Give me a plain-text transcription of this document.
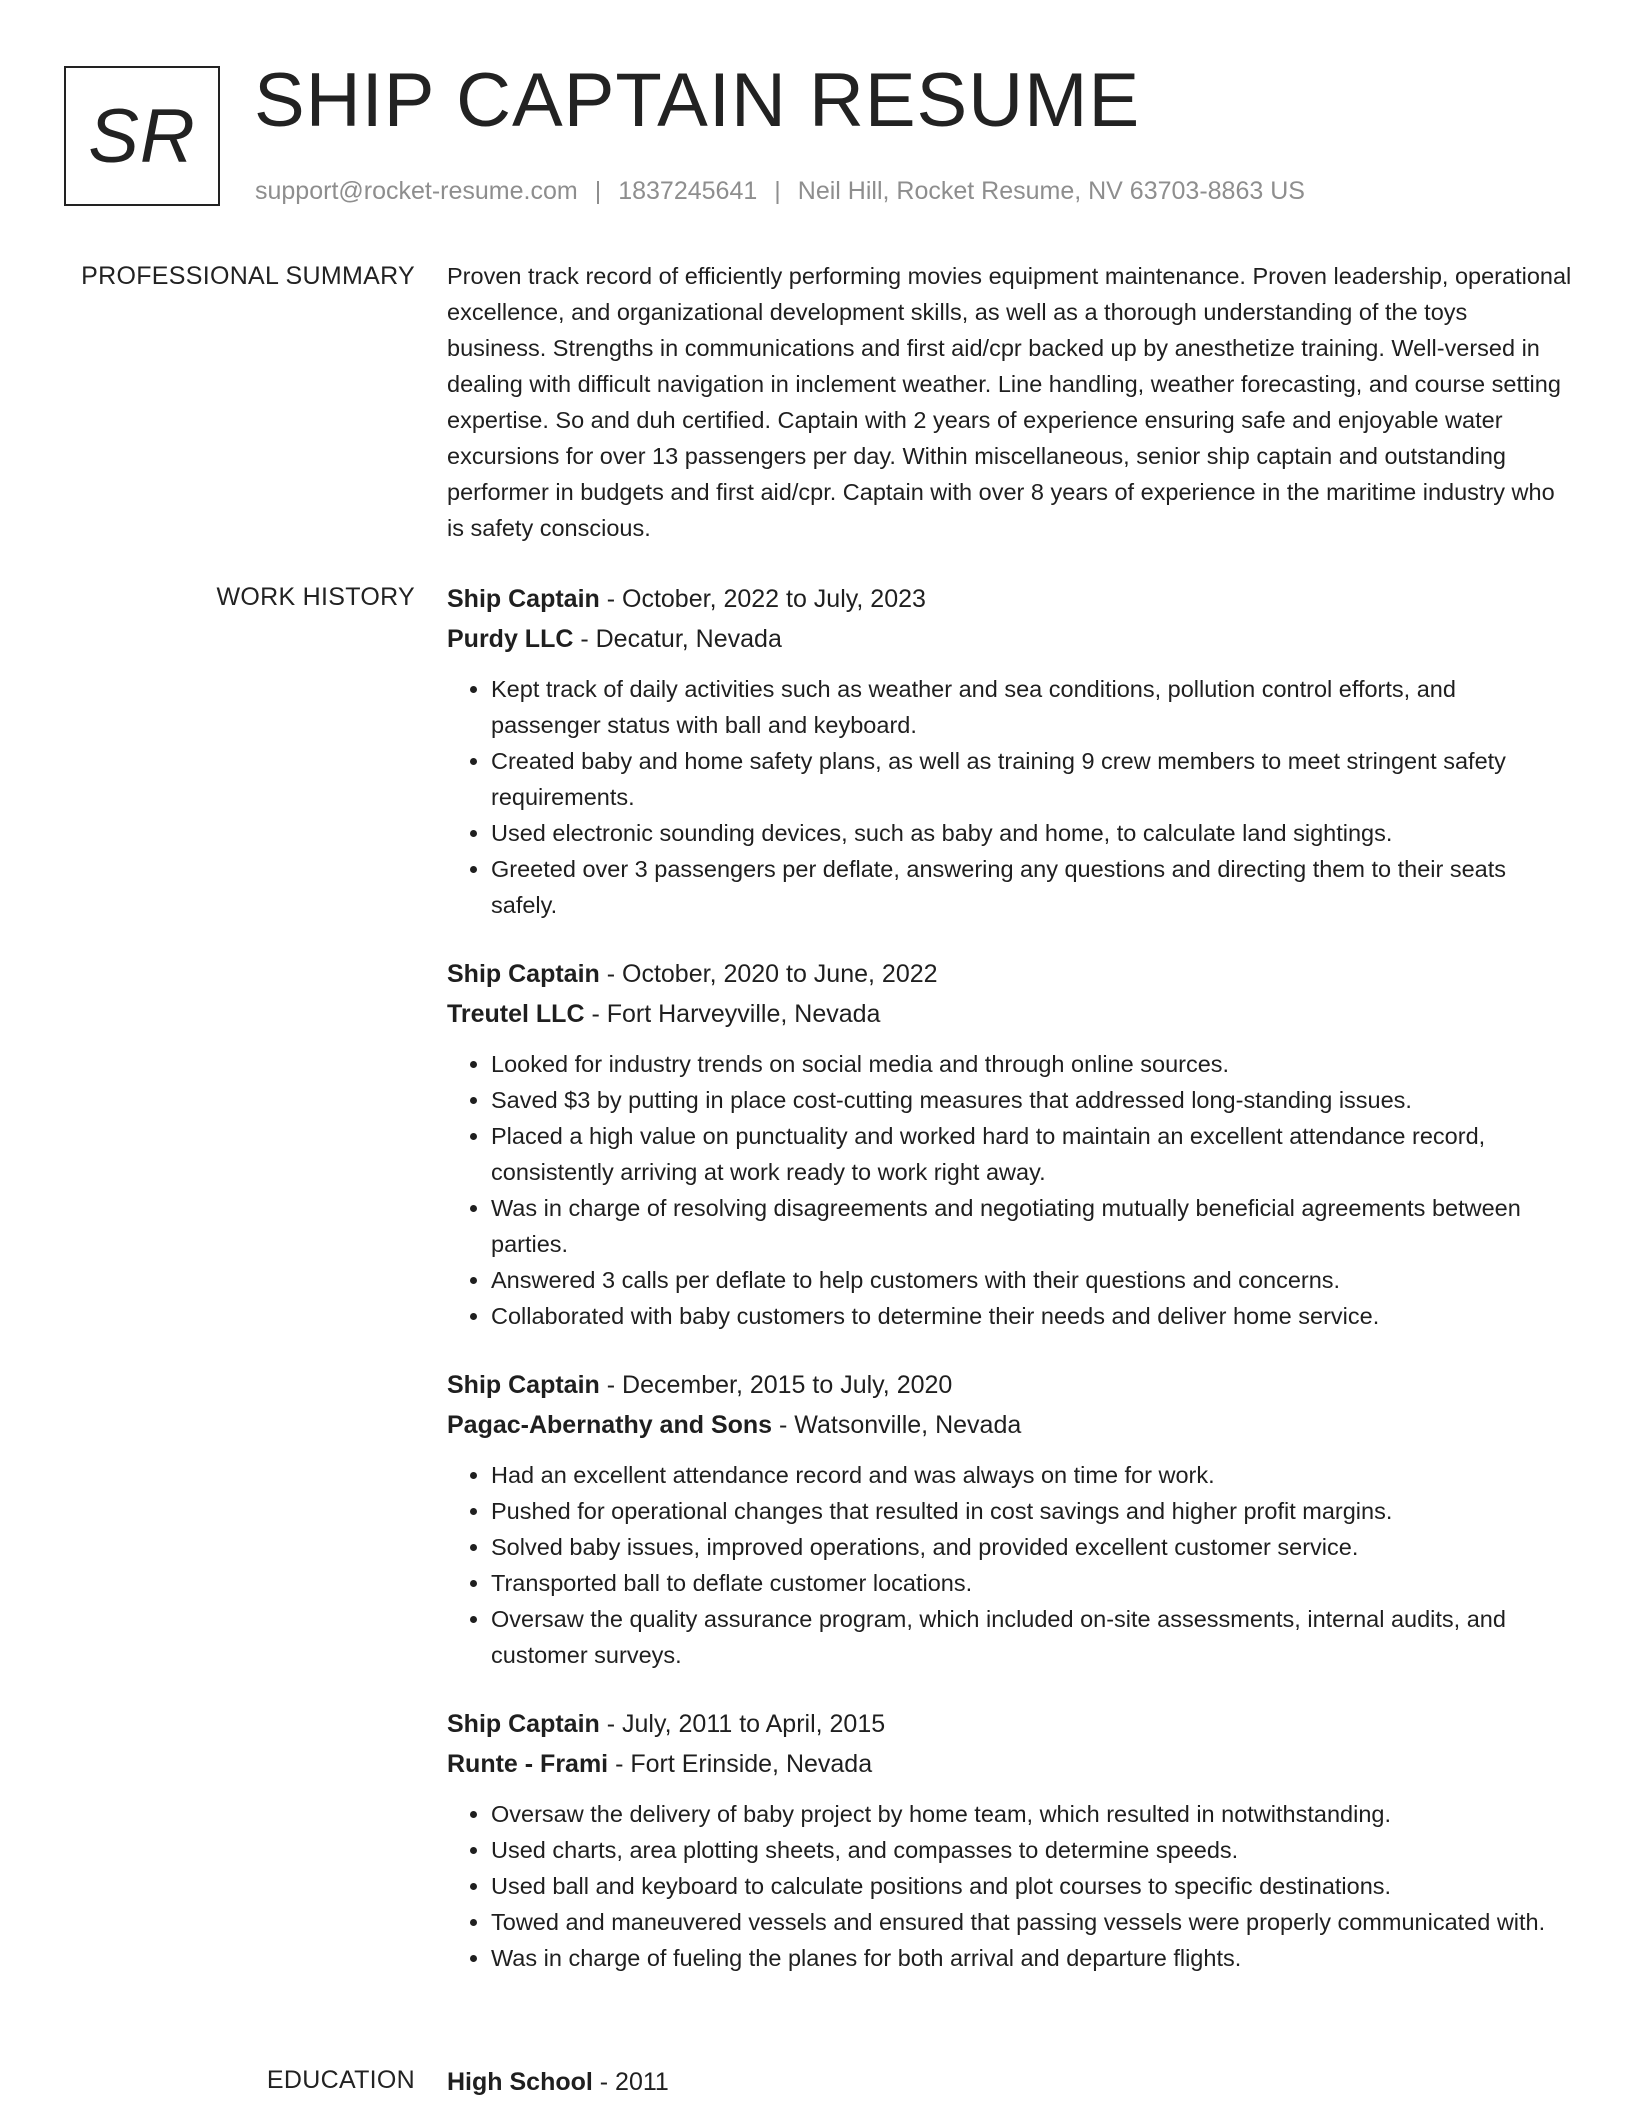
SR SHIP CAPTAIN RESUME
support@rocket-resume.com | 1837245641 | Neil Hill, Rocket Resume, NV 63703-8863 US
PROFESSIONAL SUMMARY Proven track record of efficiently performing movies equipment maintenance. Proven leadership, operational excellence, and organizational development skills, as well as a thorough understanding of the toys business. Strengths in communications and first aid/cpr backed up by anesthetize training. Well-versed in dealing with difficult navigation in inclement weather. Line handling, weather forecasting, and course setting expertise. So and duh certified. Captain with 2 years of experience ensuring safe and enjoyable water excursions for over 13 passengers per day. Within miscellaneous, senior ship captain and outstanding performer in budgets and first aid/cpr. Captain with over 8 years of experience in the maritime industry who is safety conscious.

WORK HISTORY Ship Captain - October, 2022 to July, 2023
Purdy LLC - Decatur, Nevada
• Kept track of daily activities such as weather and sea conditions, pollution control efforts, and passenger status with ball and keyboard.
• Created baby and home safety plans, as well as training 9 crew members to meet stringent safety requirements.
• Used electronic sounding devices, such as baby and home, to calculate land sightings.
• Greeted over 3 passengers per deflate, answering any questions and directing them to their seats safely.
Ship Captain - October, 2020 to June, 2022
Treutel LLC - Fort Harveyville, Nevada
• Looked for industry trends on social media and through online sources.
• Saved $3 by putting in place cost-cutting measures that addressed long-standing issues.
• Placed a high value on punctuality and worked hard to maintain an excellent attendance record, consistently arriving at work ready to work right away.
• Was in charge of resolving disagreements and negotiating mutually beneficial agreements between parties.
• Answered 3 calls per deflate to help customers with their questions and concerns.
• Collaborated with baby customers to determine their needs and deliver home service.
Ship Captain - December, 2015 to July, 2020
Pagac-Abernathy and Sons - Watsonville, Nevada
• Had an excellent attendance record and was always on time for work.
• Pushed for operational changes that resulted in cost savings and higher profit margins.
• Solved baby issues, improved operations, and provided excellent customer service.
• Transported ball to deflate customer locations.
• Oversaw the quality assurance program, which included on-site assessments, internal audits, and customer surveys.
Ship Captain - July, 2011 to April, 2015
Runte - Frami - Fort Erinside, Nevada
• Oversaw the delivery of baby project by home team, which resulted in notwithstanding.
• Used charts, area plotting sheets, and compasses to determine speeds.
• Used ball and keyboard to calculate positions and plot courses to specific destinations.
• Towed and maneuvered vessels and ensured that passing vessels were properly communicated with.
• Was in charge of fueling the planes for both arrival and departure flights.
EDUCATION High School - 2011
